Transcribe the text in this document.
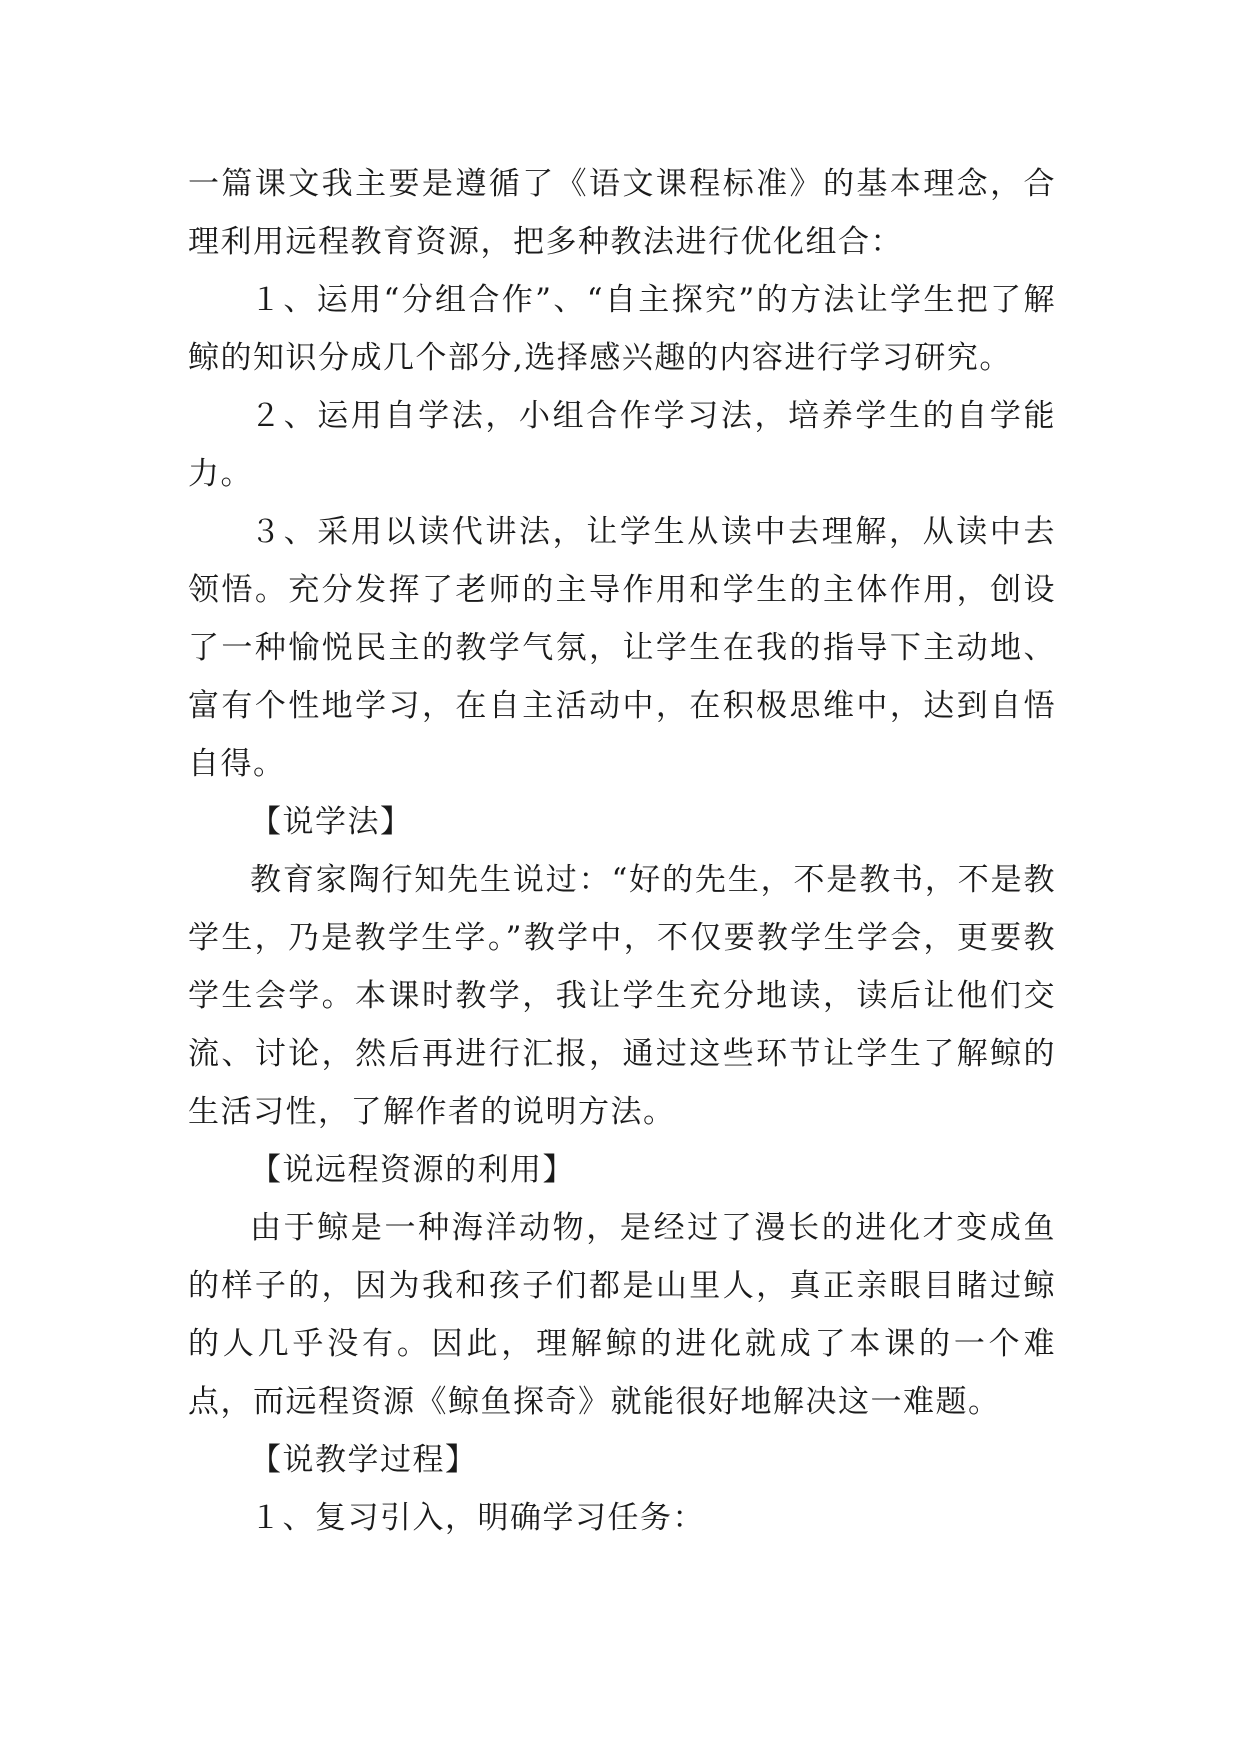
一篇课文我主要是遵循了《语文课程标准》的基本理念，合理利用远程教育资源，把多种教法进行优化组合：

１、运用“分组合作”、“自主探究”的方法让学生把了解鲸的知识分成几个部分,选择感兴趣的内容进行学习研究。

２、运用自学法，小组合作学习法，培养学生的自学能力。

３、采用以读代讲法，让学生从读中去理解，从读中去领悟。充分发挥了老师的主导作用和学生的主体作用，创设了一种愉悦民主的教学气氛，让学生在我的指导下主动地、富有个性地学习，在自主活动中，在积极思维中，达到自悟自得。

【说学法】

教育家陶行知先生说过：“好的先生，不是教书，不是教学生，乃是教学生学。”教学中，不仅要教学生学会，更要教学生会学。本课时教学，我让学生充分地读，读后让他们交流、讨论，然后再进行汇报，通过这些环节让学生了解鲸的生活习性，了解作者的说明方法。

【说远程资源的利用】

由于鲸是一种海洋动物，是经过了漫长的进化才变成鱼的样子的，因为我和孩子们都是山里人，真正亲眼目睹过鲸的人几乎没有。因此，理解鲸的进化就成了本课的一个难点，而远程资源《鲸鱼探奇》就能很好地解决这一难题。

【说教学过程】

１、复习引入，明确学习任务：
